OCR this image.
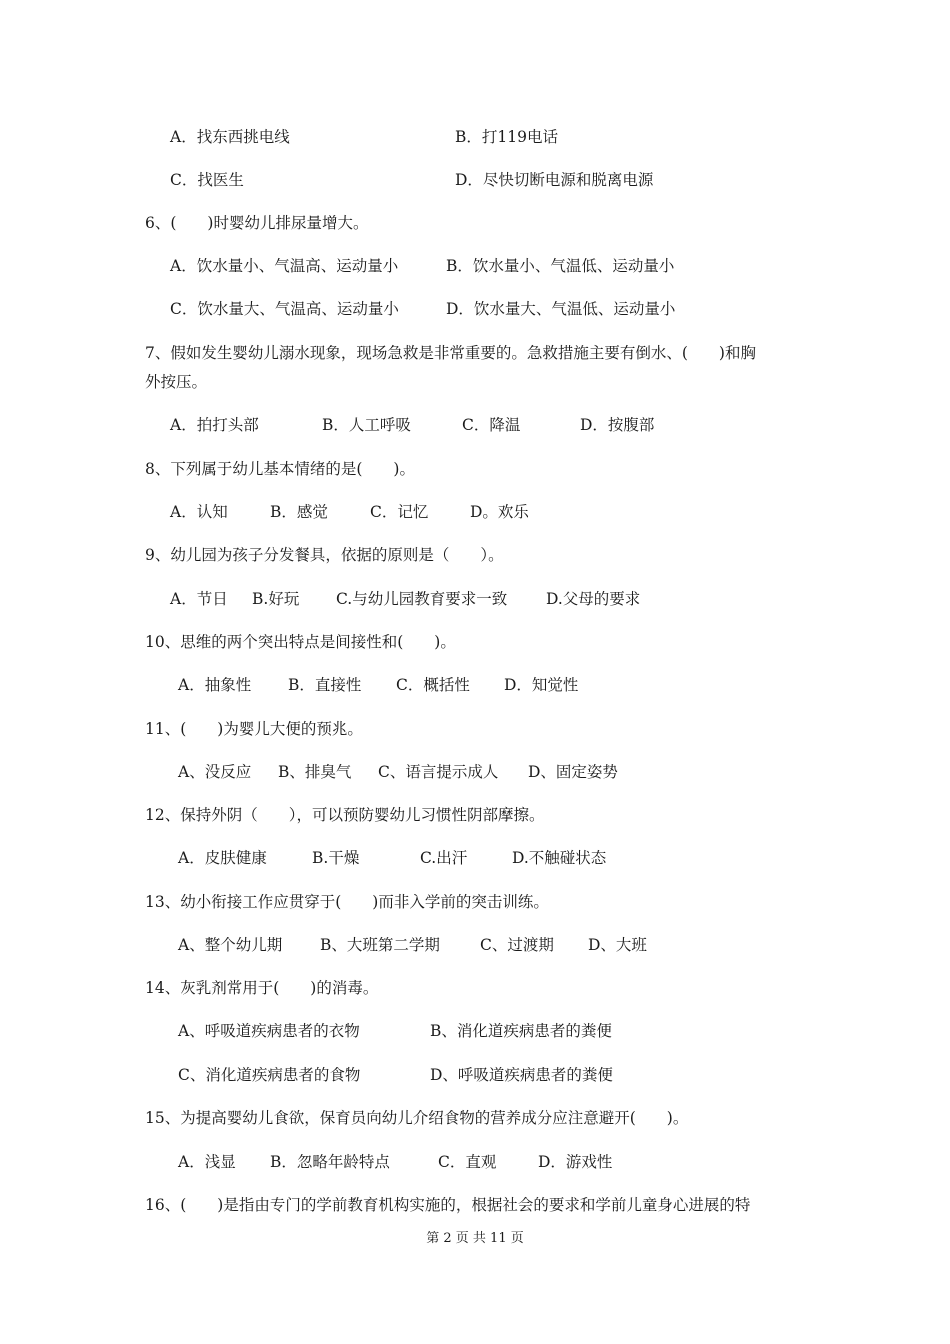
A．找东西挑电线	B．打119电话
C．找医生	D．尽快切断电源和脱离电源
6、(　　)时婴幼儿排尿量增大。
A．饮水量小、气温高、运动量小	B．饮水量小、气温低、运动量小
C．饮水量大、气温高、运动量小	D．饮水量大、气温低、运动量小
7、假如发生婴幼儿溺水现象，现场急救是非常重要的。急救措施主要有倒水、(　　)和胸
外按压。
A．拍打头部	B．人工呼吸	C．降温	D．按腹部
8、下列属于幼儿基本情绪的是(　　)。
A．认知	B．感觉	C．记忆	D。欢乐
9、幼儿园为孩子分发餐具，依据的原则是（　　）。
A．节日 B.好玩 C.与幼儿园教育要求一致	D.父母的要求
10、思维的两个突出特点是间接性和(　　)。
A．抽象性 B．直接性 C．概括性 D．知觉性
11、(　　)为婴儿大便的预兆。
A、没反应 B、排臭气 C、语言提示成人 D、固定姿势
12、保持外阴（　　），可以预防婴幼儿习惯性阴部摩擦。
A．皮肤健康	B.干燥	C.出汗	D.不触碰状态
13、幼小衔接工作应贯穿于(　　)而非入学前的突击训练。
A、整个幼儿期 B、大班第二学期	C、过渡期 D、大班
14、灰乳剂常用于(　　)的消毒。
A、呼吸道疾病患者的衣物	B、消化道疾病患者的粪便
C、消化道疾病患者的食物	D、呼吸道疾病患者的粪便
15、为提高婴幼儿食欲，保育员向幼儿介绍食物的营养成分应注意避开(　　)。
A．浅显 B．忽略年龄特点	C．直观	D．游戏性
16、(　　)是指由专门的学前教育机构实施的，根据社会的要求和学前儿童身心进展的特
第 2 页 共 11 页
